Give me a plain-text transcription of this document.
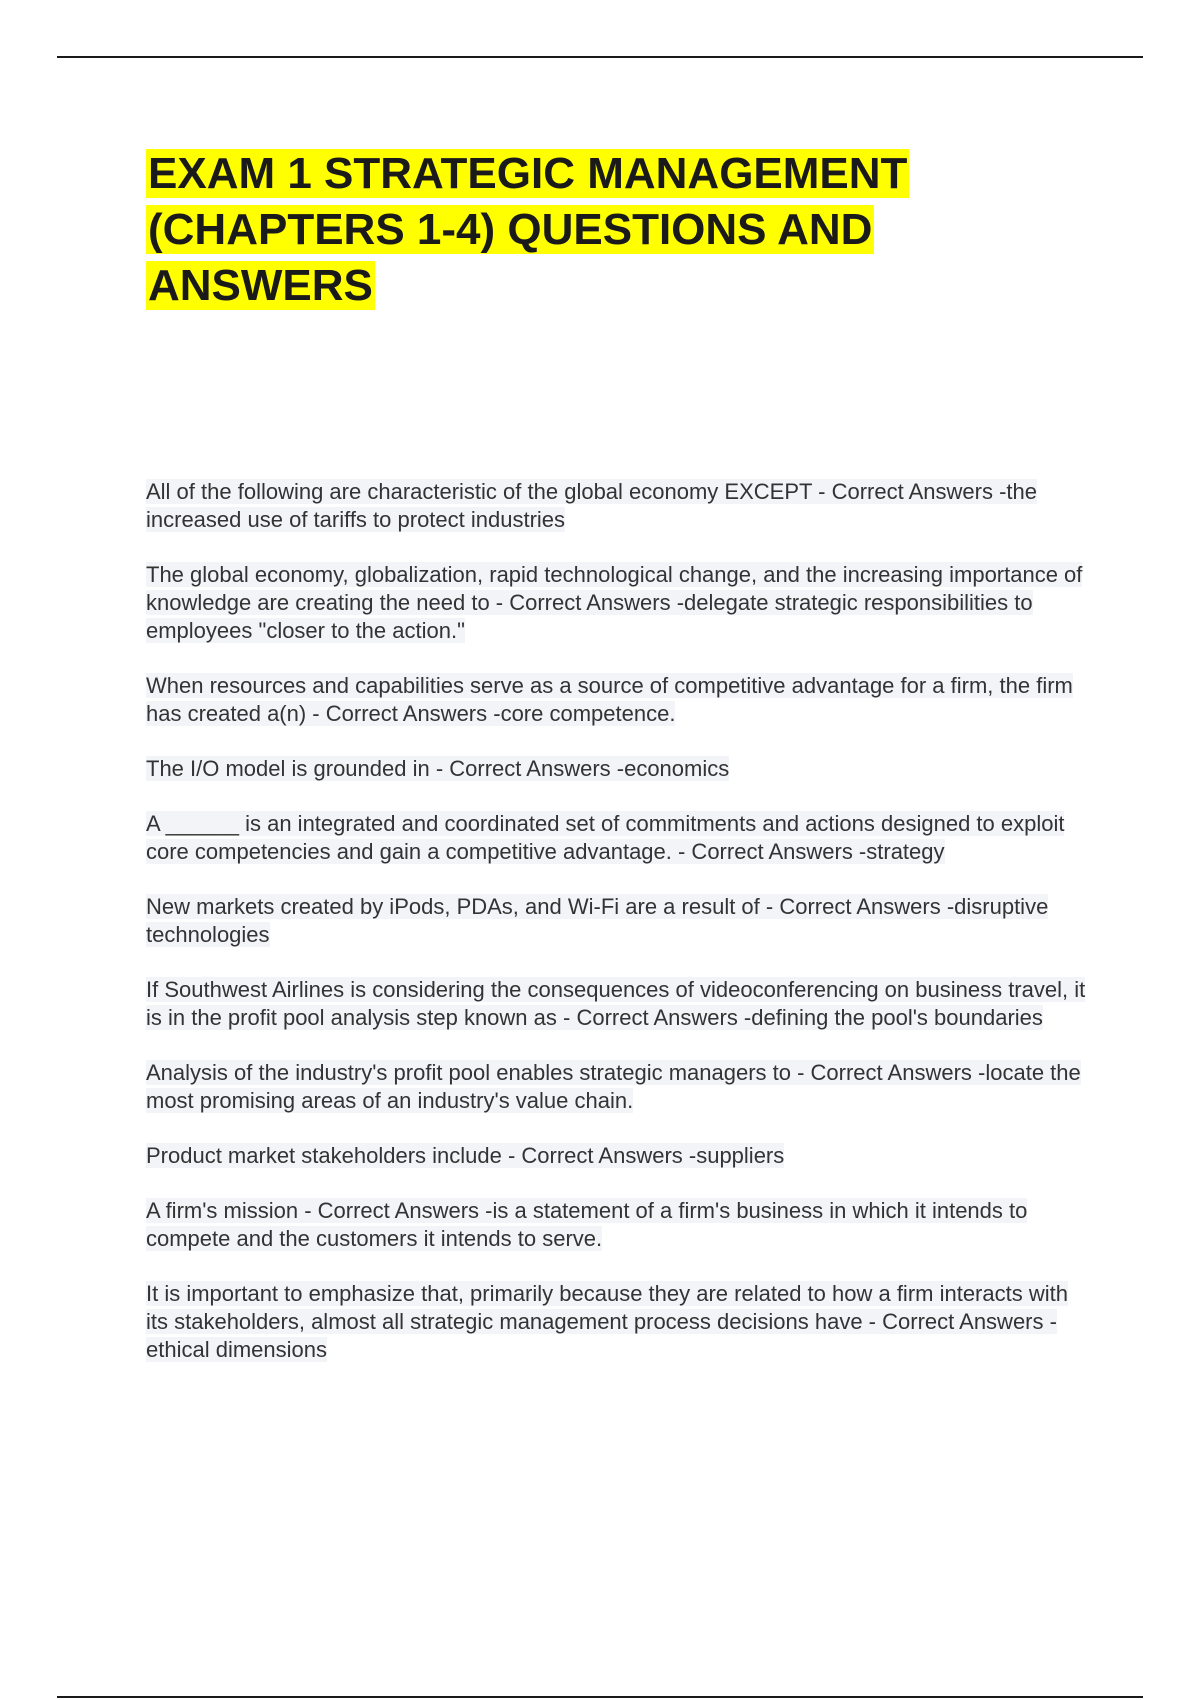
EXAM 1 STRATEGIC MANAGEMENT (CHAPTERS 1-4) QUESTIONS AND ANSWERS
All of the following are characteristic of the global economy EXCEPT - Correct Answers -the increased use of tariffs to protect industries
The global economy, globalization, rapid technological change, and the increasing importance of knowledge are creating the need to - Correct Answers -delegate strategic responsibilities to employees "closer to the action."
When resources and capabilities serve as a source of competitive advantage for a firm, the firm has created a(n) - Correct Answers -core competence.
The I/O model is grounded in - Correct Answers -economics
A ______ is an integrated and coordinated set of commitments and actions designed to exploit core competencies and gain a competitive advantage. - Correct Answers -strategy
New markets created by iPods, PDAs, and Wi-Fi are a result of - Correct Answers -disruptive technologies
If Southwest Airlines is considering the consequences of videoconferencing on business travel, it is in the profit pool analysis step known as - Correct Answers -defining the pool's boundaries
Analysis of the industry's profit pool enables strategic managers to - Correct Answers -locate the most promising areas of an industry's value chain.
Product market stakeholders include - Correct Answers -suppliers
A firm's mission - Correct Answers -is a statement of a firm's business in which it intends to compete and the customers it intends to serve.
It is important to emphasize that, primarily because they are related to how a firm interacts with its stakeholders, almost all strategic management process decisions have - Correct Answers -ethical dimensions
